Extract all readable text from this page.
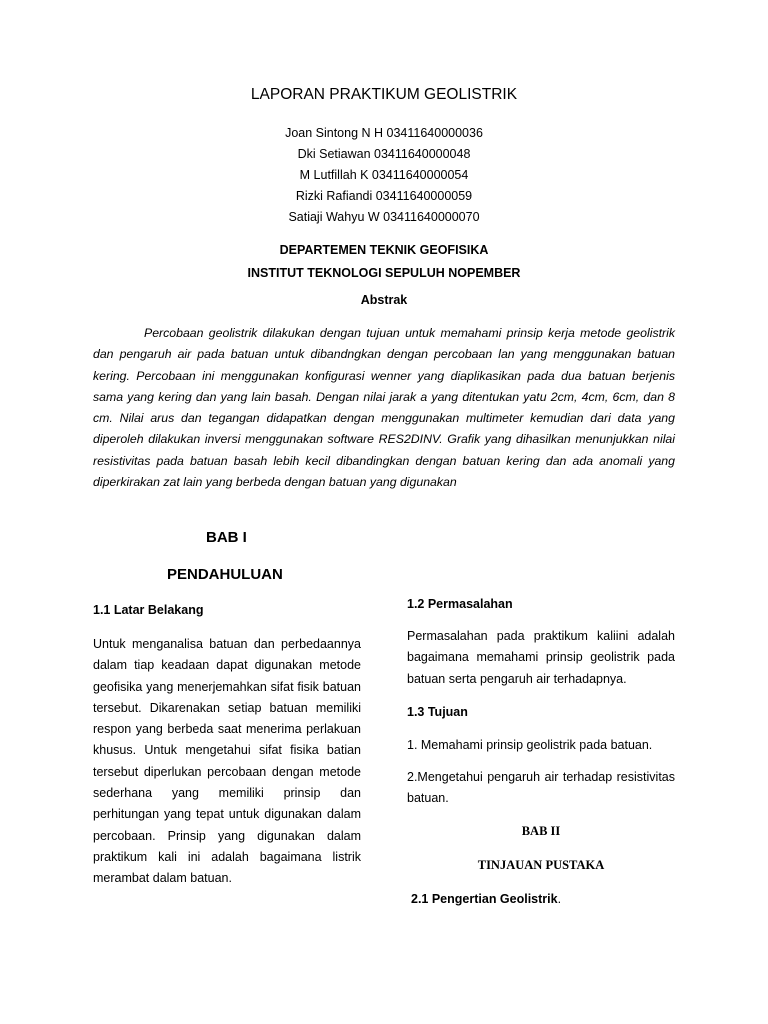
LAPORAN PRAKTIKUM GEOLISTRIK
Joan Sintong N H 03411640000036
Dki Setiawan 03411640000048
M Lutfillah K 03411640000054
Rizki Rafiandi 03411640000059
Satiaji Wahyu W 03411640000070
DEPARTEMEN TEKNIK GEOFISIKA
INSTITUT TEKNOLOGI SEPULUH NOPEMBER
Abstrak

Percobaan geolistrik dilakukan dengan tujuan untuk memahami prinsip kerja metode geolistrik dan pengaruh air pada batuan untuk dibandngkan dengan percobaan lan yang menggunakan batuan kering. Percobaan ini menggunakan konfigurasi wenner yang diaplikasikan pada dua batuan berjenis sama yang kering dan yang lain basah. Dengan nilai jarak a yang ditentukan yatu 2cm, 4cm, 6cm, dan 8 cm. Nilai arus dan tegangan didapatkan dengan menggunakan multimeter kemudian dari data yang diperoleh dilakukan inversi menggunakan software RES2DINV. Grafik yang dihasilkan menunjukkan nilai resistivitas pada batuan basah lebih kecil dibandingkan dengan batuan kering dan ada anomali yang diperkirakan zat lain yang berbeda dengan batuan yang digunakan

BAB I
PENDAHULUAN
1.1 Latar Belakang

Untuk menganalisa batuan dan perbedaannya dalam tiap keadaan dapat digunakan metode geofisika yang menerjemahkan sifat fisik batuan tersebut. Dikarenakan setiap batuan memiliki respon yang berbeda saat menerima perlakuan khusus. Untuk mengetahui sifat fisika batian tersebut diperlukan percobaan dengan metode sederhana yang memiliki prinsip dan perhitungan yang tepat untuk digunakan dalam percobaan. Prinsip yang digunakan dalam praktikum kali ini adalah bagaimana listrik merambat dalam batuan.

1.2 Permasalahan

Permasalahan pada praktikum kaliini adalah bagaimana memahami prinsip geolistrik pada batuan serta pengaruh air terhadapnya.

1.3 Tujuan

1. Memahami prinsip geolistrik pada batuan.

2.Mengetahui pengaruh air terhadap resistivitas batuan.

BAB II
TINJAUAN PUSTAKA
2.1 Pengertian Geolistrik.
